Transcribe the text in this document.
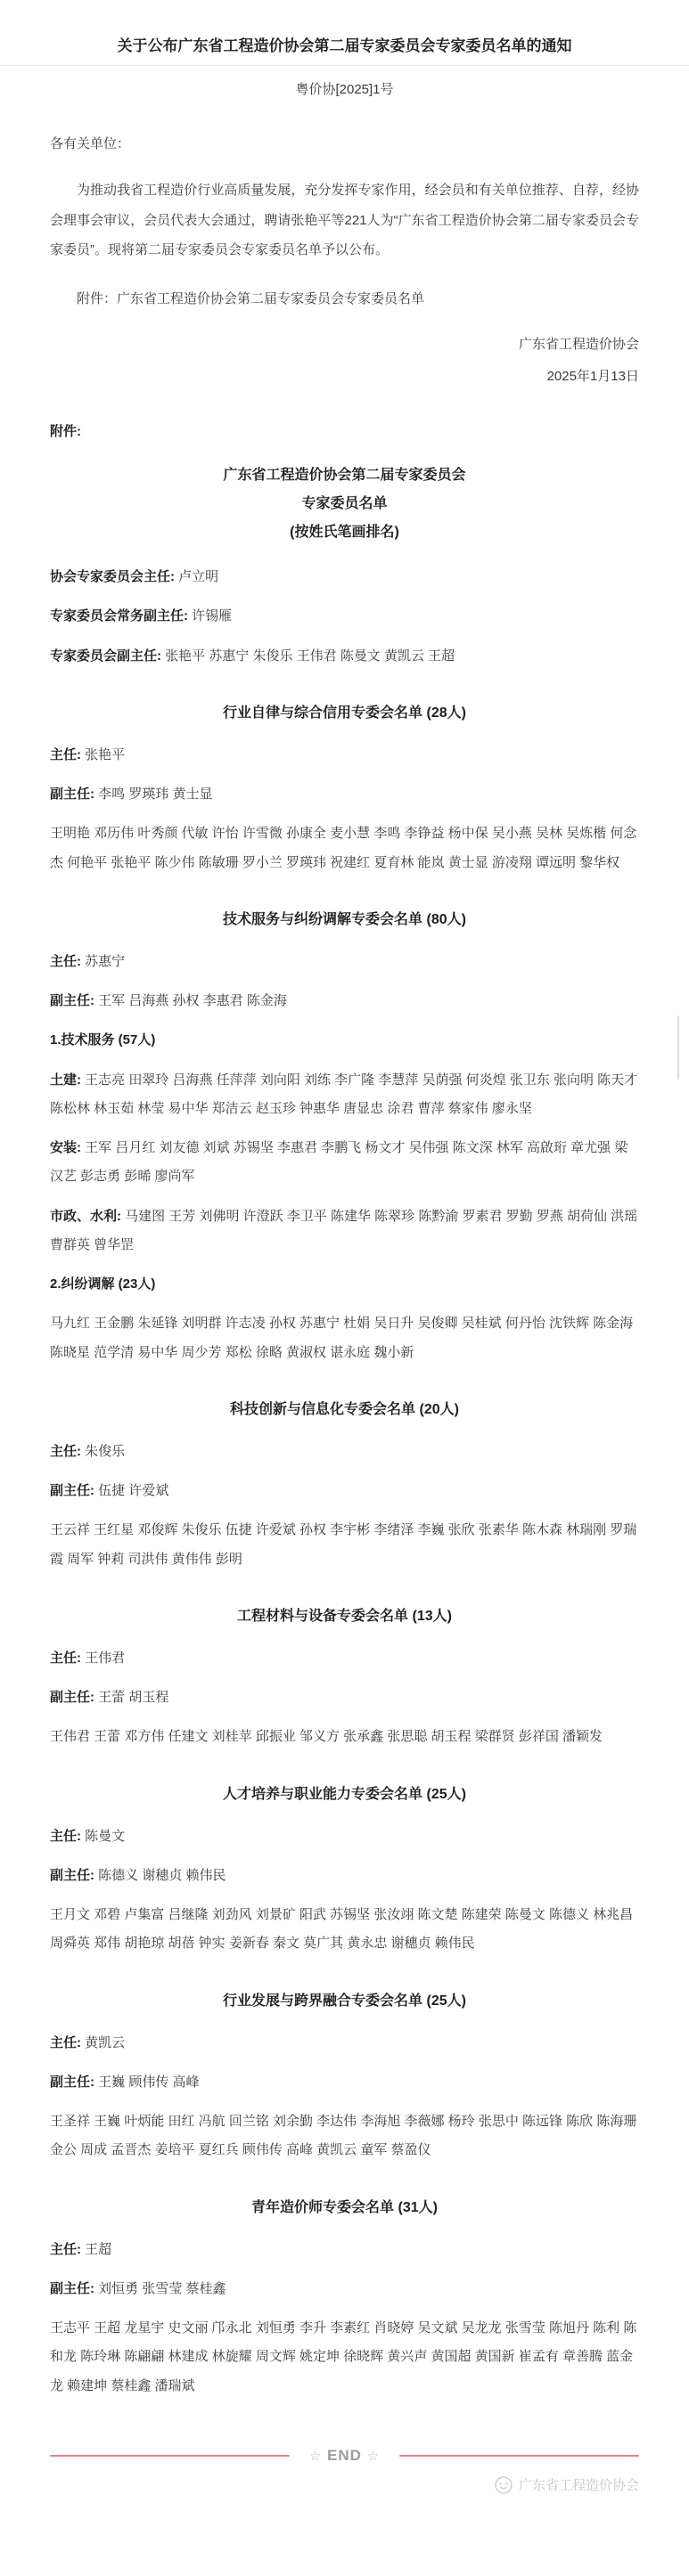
关于公布广东省工程造价协会第二届专家委员会专家委员名单的通知

粤价协[2025]1号

各有关单位：

为推动我省工程造价行业高质量发展，充分发挥专家作用，经会员和有关单位推荐、自荐，经协会理事会审议，会员代表大会通过，聘请张艳平等221人为“广东省工程造价协会第二届专家委员会专家委员”。现将第二届专家委员会专家委员名单予以公布。

附件：广东省工程造价协会第二届专家委员会专家委员名单

广东省工程造价协会

2025年1月13日

附件:

广东省工程造价协会第二届专家委员会
专家委员名单
(按姓氏笔画排名)

协会专家委员会主任: 卢立明

专家委员会常务副主任: 许锡雁

专家委员会副主任: 张艳平 苏惠宁 朱俊乐 王伟君 陈曼文 黄凯云 王超

行业自律与综合信用专委会名单 (28人)

主任: 张艳平

副主任: 李鸣 罗瑛玮 黄士显

王明艳 邓历伟 叶秀颜 代敏 许怡 许雪微 孙康全 麦小慧 李鸣 李铮益 杨中保 吴小燕 吴林 吴炼楷 何念杰 何艳平 张艳平 陈少伟 陈敏珊 罗小兰 罗瑛玮 祝建红 夏育林 能岚 黄士显 游凌翔 谭远明 黎华权

技术服务与纠纷调解专委会名单 (80人)

主任: 苏惠宁

副主任: 王军 吕海燕 孙权 李惠君 陈金海

1.技术服务 (57人)

土建: 王志亮 田翠玲 吕海燕 任萍萍 刘向阳 刘练 李广隆 李慧萍 吴荫强 何炎煌 张卫东 张向明 陈天才 陈松林 林玉茹 林莹 易中华 郑洁云 赵玉珍 钟惠华 唐显忠 涂君 曹萍 蔡家伟 廖永坚

安装: 王军 吕月红 刘友德 刘斌 苏锡坚 李惠君 李鹏飞 杨文才 吴伟强 陈文深 林军 高啟珩 章尤强 梁汉艺 彭志勇 彭晞 廖尚军

市政、水利: 马建图 王芳 刘佛明 许澄跃 李卫平 陈建华 陈翠珍 陈黔渝 罗素君 罗勤 罗燕 胡荷仙 洪瑶 曹群英 曾华罡

2.纠纷调解 (23人)

马九红 王金鹏 朱延锋 刘明群 许志凌 孙权 苏惠宁 杜娟 吴日升 吴俊卿 吴桂斌 何丹怡 沈铁辉 陈金海 陈晓星 范学清 易中华 周少芳 郑松 徐略 黄淑权 谌永庭 魏小新

科技创新与信息化专委会名单 (20人)

主任: 朱俊乐

副主任: 伍捷 许爱斌

王云祥 王红星 邓俊辉 朱俊乐 伍捷 许爱斌 孙权 李宇彬 李绪泽 李巍 张欣 张素华 陈木森 林瑞刚 罗瑞霞 周军 钟莉 司洪伟 黄伟伟 彭明

工程材料与设备专委会名单 (13人)

主任: 王伟君

副主任: 王蕾 胡玉程

王伟君 王蕾 邓方伟 任建文 刘桂苹 邱振业 邹义方 张承鑫 张思聪 胡玉程 梁群贤 彭祥国 潘颖发

人才培养与职业能力专委会名单 (25人)

主任: 陈曼文

副主任: 陈德义 谢穗贞 赖伟民

王月文 邓碧 卢集富 吕继隆 刘劲风 刘景矿 阳武 苏锡坚 张汝翊 陈文楚 陈建荣 陈曼文 陈德义 林兆昌 周舜英 郑伟 胡艳琼 胡蓓 钟实 姜新春 秦文 莫广其 黄永忠 谢穗贞 赖伟民

行业发展与跨界融合专委会名单 (25人)

主任: 黄凯云

副主任: 王巍 顾伟传 高峰

王圣祥 王巍 叶炳能 田红 冯航 回兰铭 刘余勤 李达伟 李海旭 李薇娜 杨玲 张思中 陈远锋 陈欣 陈海珊 金公 周成 孟晋杰 姜培平 夏红兵 顾伟传 高峰 黄凯云 童军 蔡盈仪

青年造价师专委会名单 (31人)

主任: 王超

副主任: 刘恒勇 张雪莹 蔡桂鑫

王志平 王超 龙星宇 史文丽 邝永北 刘恒勇 李升 李素红 肖晓婷 吴文斌 吴龙龙 张雪莹 陈旭丹 陈利 陈和龙 陈玲琳 陈翩翩 林建成 林旋耀 周文辉 姚定坤 徐晓辉 黄兴声 黄国超 黄国新 崔孟有 章善腾 蓝金龙 赖建坤 蔡桂鑫 潘瑞斌

☆ END ☆
广东省工程造价协会
